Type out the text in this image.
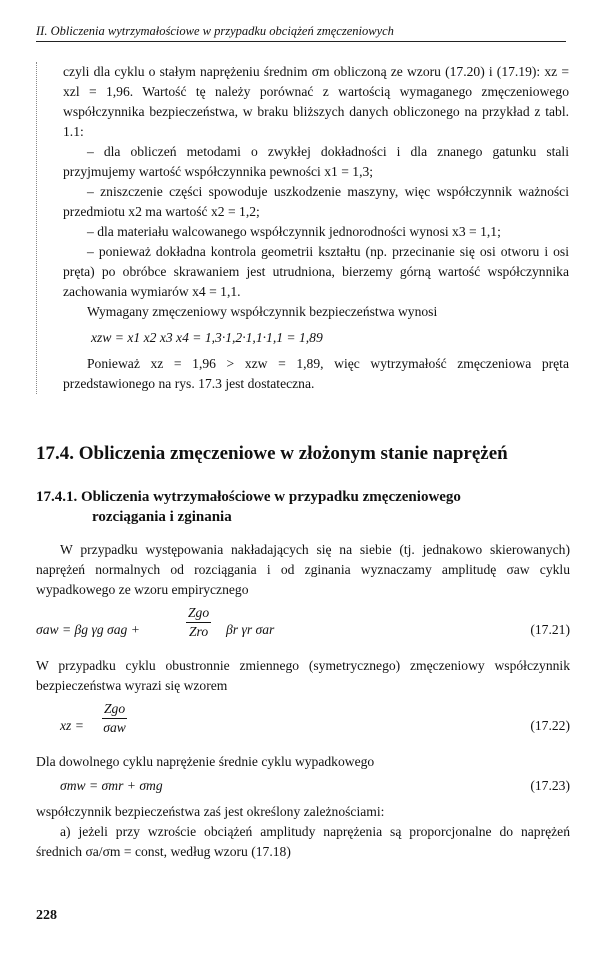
II. Obliczenia wytrzymałościowe w przypadku obciążeń zmęczeniowych

czyli dla cyklu o stałym naprężeniu średnim σm obliczoną ze wzoru (17.20) i (17.19): xz = xzl = 1,96. Wartość tę należy porównać z wartością wymaganego zmęczeniowego współczynnika bezpieczeństwa, w braku bliższych danych obliczonego na przykład z tabl. 1.1:

– dla obliczeń metodami o zwykłej dokładności i dla znanego gatunku stali przyjmujemy wartość współczynnika pewności x1 = 1,3;

– zniszczenie części spowoduje uszkodzenie maszyny, więc współczynnik ważności przedmiotu x2 ma wartość x2 = 1,2;

– dla materiału walcowanego współczynnik jednorodności wynosi x3 = 1,1;

– ponieważ dokładna kontrola geometrii kształtu (np. przecinanie się osi otworu i osi pręta) po obróbce skrawaniem jest utrudniona, bierzemy górną wartość współczynnika zachowania wymiarów x4 = 1,1.

Wymagany zmęczeniowy współczynnik bezpieczeństwa wynosi

xzw = x1 x2 x3 x4 = 1,3·1,2·1,1·1,1 = 1,89

Ponieważ xz = 1,96 > xzw = 1,89, więc wytrzymałość zmęczeniowa pręta przedstawionego na rys. 17.3 jest dostateczna.

17.4. Obliczenia zmęczeniowe w złożonym stanie naprężeń
17.4.1. Obliczenia wytrzymałościowe w przypadku zmęczeniowego
rozciągania i zginania

W przypadku występowania nakładających się na siebie (tj. jednakowo skierowanych) naprężeń normalnych od rozciągania i od zginania wyznaczamy amplitudę σaw cyklu wypadkowego ze wzoru empirycznego

σaw = βg γg σag +
Zgo
Zro βr γr σar	(17.21)

W przypadku cyklu obustronnie zmiennego (symetrycznego) zmęczeniowy współczynnik bezpieczeństwa wyrazi się wzorem

xz =
Zgo
σaw	(17.22)

Dla dowolnego cyklu naprężenie średnie cyklu wypadkowego

σmw = σmr + σmg	(17.23)

współczynnik bezpieczeństwa zaś jest określony zależnościami:

a) jeżeli przy wzroście obciążeń amplitudy naprężenia są proporcjonalne do naprężeń średnich σa/σm = const, według wzoru (17.18)

228
